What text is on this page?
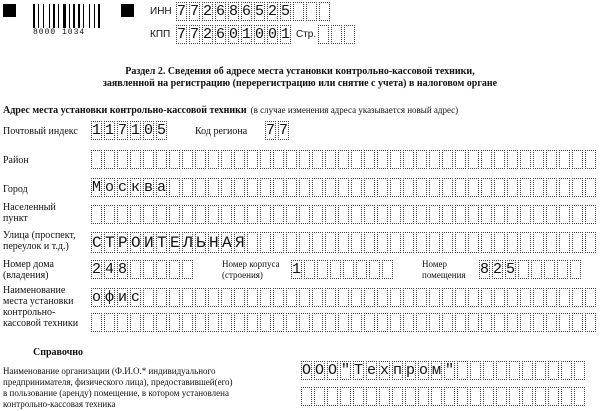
8000 1034
ИНН 7 7 2 6 8 6 5 2 5
КПП 7 7 2 6 0 1 0 0 1 Стр.
Раздел 2. Сведения об адресе места установки контрольно-кассовой техники,
заявленной на регистрацию (перерегистрацию или снятие с учета) в налоговом органе
Адрес места установки контрольно-кассовой техники (в случае изменения адреса указывается новый адрес)
Почтовый индекс 1 1 7 1 0 5	Код региона 7 7
Район
Город	М о с к в а
Населенный
пункт
Улица (проспект,
переулок и т.д.) С Т Р О И Т Е Л Ь Н А Я
Номер дома
(владения)	2 4 8	Номер корпуса
(строения) 1	Номер
помещения 8 2 5
Наименование
места установки
контрольно-
кассовой техники
о ф и с
Справочно
Наименование организации (Ф.И.О.* индивидуального
предпринимателя, физического лица), предоставившей(его)
в пользование (аренду) помещение, в котором установлена
контрольно-кассовая техника
О О О " Т е х п р о м "
